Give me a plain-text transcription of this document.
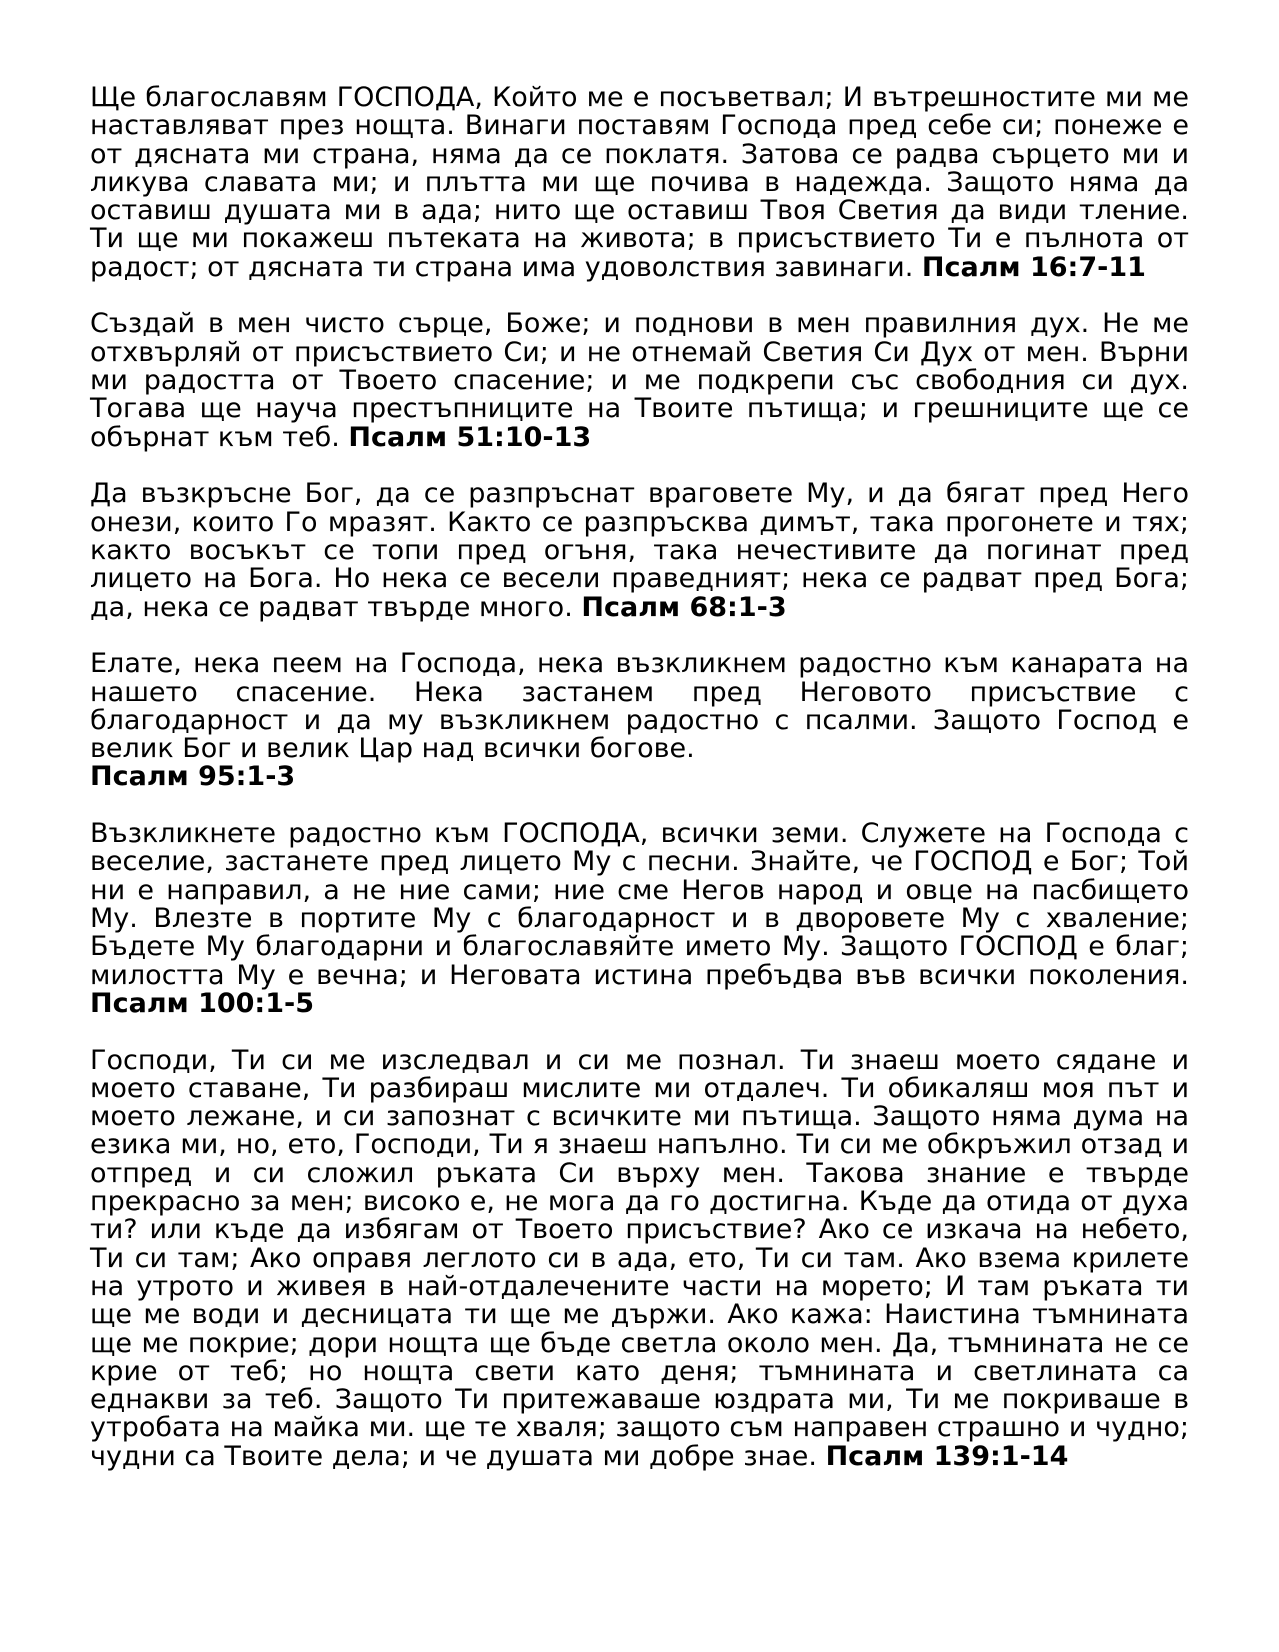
Ще благославям ГОСПОДА, Който ме е посъветвал; И вътрешностите ми ме наставляват през нощта. Винаги поставям Господа пред себе си; понеже е от дясната ми страна, няма да се поклатя. Затова се радва сърцето ми и ликува славата ми; и плътта ми ще почива в надежда. Защото няма да оставиш душата ми в ада; нито ще оставиш Твоя Светия да види тление. Ти ще ми покажеш пътеката на живота; в присъствието Ти е пълнота от радост; от дясната ти страна има удоволствия завинаги. Псалм 16:7-11

Създай в мен чисто сърце, Боже; и поднови в мен правилния дух. Не ме отхвърляй от присъствието Си; и не отнемай Светия Си Дух от мен. Върни ми радостта от Твоето спасение; и ме подкрепи със свободния си дух. Тогава ще науча престъпниците на Твоите пътища; и грешниците ще се обърнат към теб. Псалм 51:10-13

Да възкръсне Бог, да се разпръснат враговете Му, и да бягат пред Него онези, които Го мразят. Както се разпръсква димът, така прогонете и тях; както восъкът се топи пред огъня, така нечестивите да погинат пред лицето на Бога. Но нека се весели праведният; нека се радват пред Бога; да, нека се радват твърде много. Псалм 68:1-3

Елате, нека пеем на Господа, нека възкликнем радостно към канарата на нашето спасение. Нека застанем пред Неговото присъствие с благодарност и да му възкликнем радостно с псалми. Защото Господ е велик Бог и велик Цар над всички богове.
Псалм 95:1-3

Възкликнете радостно към ГОСПОДА, всички земи. Служете на Господа с веселие, застанете пред лицето Му с песни. Знайте, че ГОСПОД е Бог; Той ни е направил, а не ние сами; ние сме Негов народ и овце на пасбището Му. Влезте в портите Му с благодарност и в дворовете Му с хваление; Бъдете Му благодарни и благославяйте името Му. Защото ГОСПОД е благ; милостта Му е вечна; и Неговата истина пребъдва във всички поколения. Псалм 100:1-5

Господи, Ти си ме изследвал и си ме познал. Ти знаеш моето сядане и моето ставане, Ти разбираш мислите ми отдалеч. Ти обикаляш моя път и моето лежане, и си запознат с всичките ми пътища. Защото няма дума на езика ми, но, ето, Господи, Ти я знаеш напълно. Ти си ме обкръжил отзад и отпред и си сложил ръката Си върху мен. Такова знание е твърде прекрасно за мен; високо е, не мога да го достигна. Къде да отида от духа ти? или къде да избягам от Твоето присъствие? Ако се изкача на небето, Ти си там; Ако оправя леглото си в ада, ето, Ти си там. Ако взема крилете на утрото и живея в най-отдалечените части на морето; И там ръката ти ще ме води и десницата ти ще ме държи. Ако кажа: Наистина тъмнината ще ме покрие; дори нощта ще бъде светла около мен. Да, тъмнината не се крие от теб; но нощта свети като деня; тъмнината и светлината са еднакви за теб. Защото Ти притежаваше юздрата ми, Ти ме покриваше в утробата на майка ми. ще те хваля; защото съм направен страшно и чудно; чудни са Твоите дела; и че душата ми добре знае. Псалм 139:1-14
